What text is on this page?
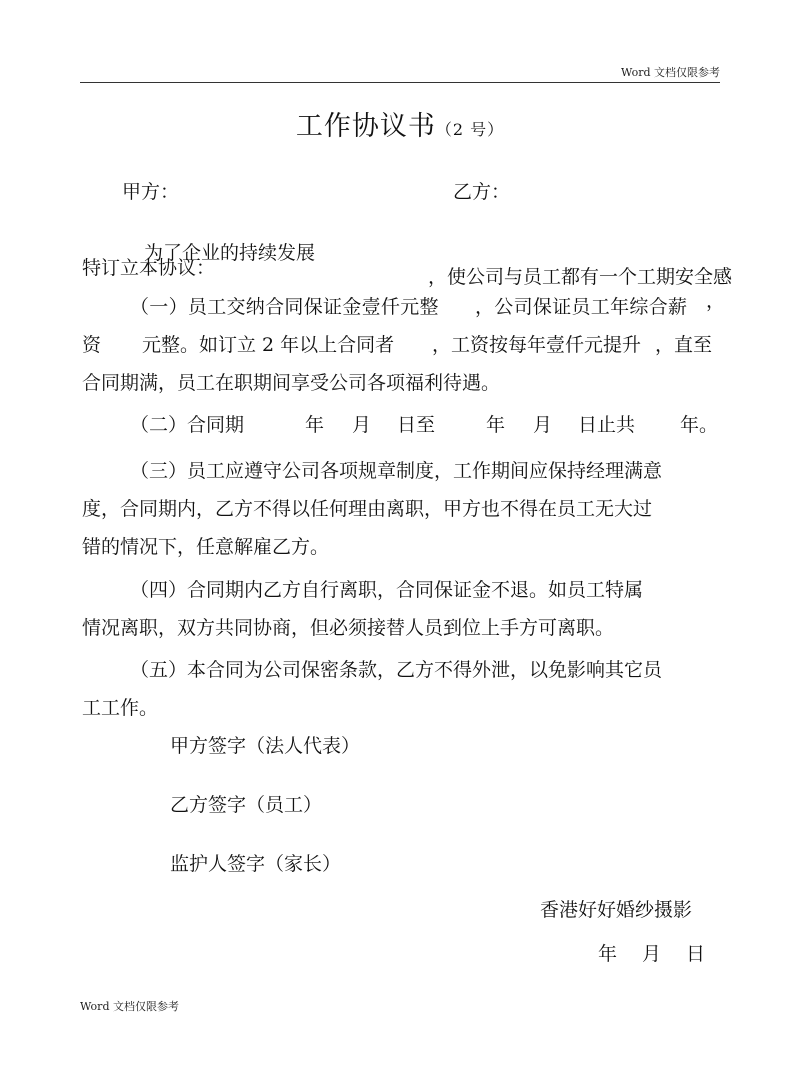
Word 文档仅限参考
工作协议书（2 号）
甲方：	乙方：

为了企业的持续发展

，使公司与员工都有一个工期安全感

，

特订立本协议：

（一）员工交纳合同保证金壹仟元整 ，公司保证员工年综合薪
资 元整。如订立 2 年以上合同者 ，工资按每年壹仟元提升 ，直至
合同期满，员工在职期间享受公司各项福利待遇。
（二）合同期	年 月 日至	年 月 日止共 年。
（三）员工应遵守公司各项规章制度，工作期间应保持经理满意
度，合同期内，乙方不得以任何理由离职，甲方也不得在员工无大过
错的情况下，任意解雇乙方。
（四）合同期内乙方自行离职，合同保证金不退。如员工特属
情况离职，双方共同协商，但必须接替人员到位上手方可离职。
（五）本合同为公司保密条款，乙方不得外泄，以免影响其它员
工工作。
甲方签字（法人代表）
乙方签字（员工）
监护人签字（家长）
香港好好婚纱摄影
年 月 日
Word 文档仅限参考
